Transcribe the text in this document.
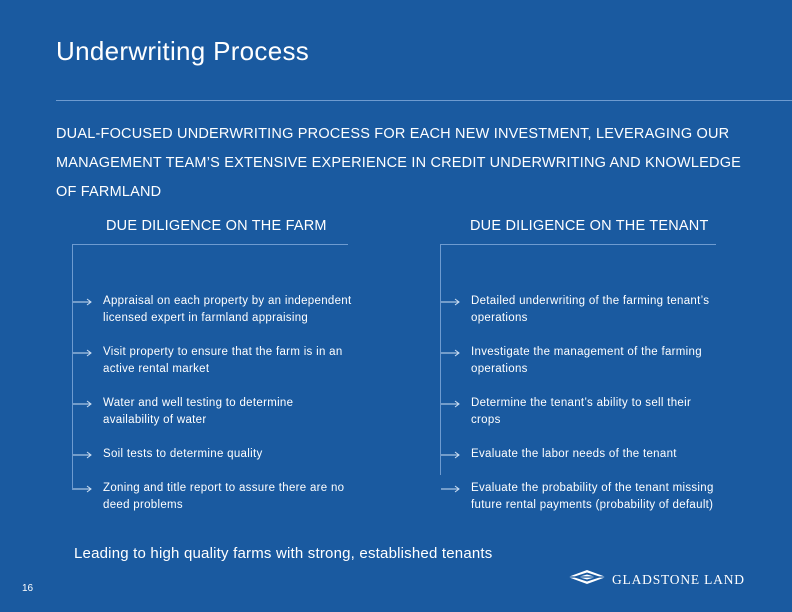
Underwriting Process
DUAL-FOCUSED UNDERWRITING PROCESS FOR EACH NEW INVESTMENT, LEVERAGING OUR MANAGEMENT TEAM’S EXTENSIVE EXPERIENCE IN CREDIT UNDERWRITING AND KNOWLEDGE OF FARMLAND
DUE DILIGENCE ON THE FARM
Appraisal on each property by an independent licensed expert in farmland appraising
Visit property to ensure that the farm is in an active rental market
Water and well testing to determine availability of water
Soil tests to determine quality
Zoning and title report to assure there are no deed problems
DUE DILIGENCE ON THE TENANT
Detailed underwriting of the farming tenant’s operations
Investigate the management of the farming operations
Determine the tenant’s ability to sell their crops
Evaluate the labor needs of the tenant
Evaluate the probability of the tenant missing future rental payments (probability of default)
Leading to high quality farms with strong, established tenants
16
GLADSTONE LAND
